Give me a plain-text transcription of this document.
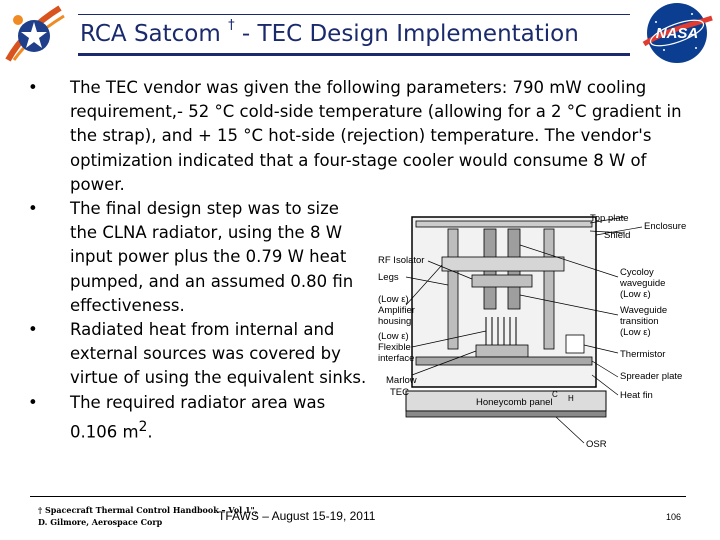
RCA Satcom † - TEC Design Implementation	NASA
• The TEC vendor was given the following parameters: 790 mW cooling requirement,- 52 °C cold-side temperature (allowing for a 2 °C gradient in the strap), and + 15 °C hot-side (rejection) temperature. The vendor's optimization indicated that a four-stage cooler would consume 8 W of power.
• The final design step was to size the CLNA radiator, using the 8 W input power plus the 0.79 W heat pumped, and an assumed 0.80 fin effectiveness.
• Radiated heat from internal and external sources was covered by virtue of using the equivalent sinks.
• The required radiator area was 0.106 $m^2$.
Top plate
Shield
Enclosure
RF Isolator
Legs
(Low ε)
Amplifier
housing
(Low ε)
Flexible
interface
Marlow
TEC
Cycoloy
waveguide
(Low ε)
Waveguide
transition
(Low ε)
Thermistor
Spreader plate
Heat fin
Honeycomb panel
OSR
C H
† Spacecraft Thermal Control Handbook – Vol 1",
D. Gilmore, Aerospace Corp	TFAWS – August 15-19, 2011	106
